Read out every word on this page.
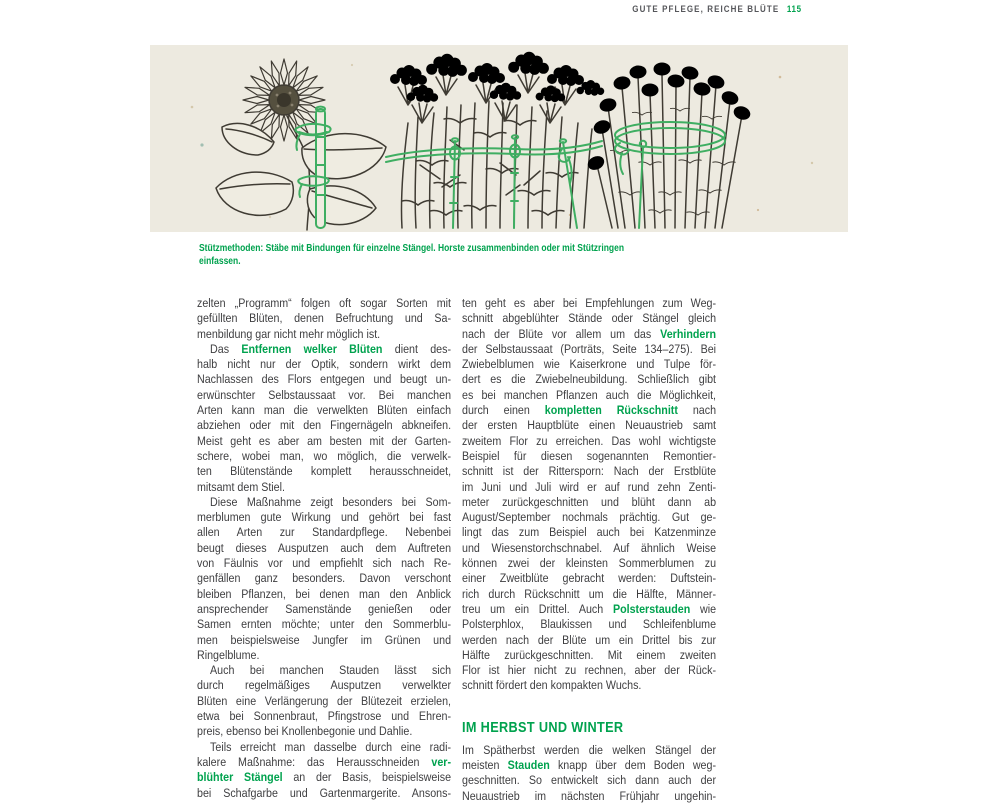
GUTE PFLEGE, REICHE BLÜTE 115
Stützmethoden: Stäbe mit Bindungen für einzelne Stängel. Horste zusammenbinden oder mit Stützringen
einfassen.
zelten „Programm“ folgen oft sogar Sorten mit
gefüllten Blüten, denen Befruchtung und Sa-
menbildung gar nicht mehr möglich ist.
Das Entfernen welker Blüten dient des-
halb nicht nur der Optik, sondern wirkt dem
Nachlassen des Flors entgegen und beugt un-
erwünschter Selbstaussaat vor. Bei manchen
Arten kann man die verwelkten Blüten einfach
abziehen oder mit den Fingernägeln abkneifen.
Meist geht es aber am besten mit der Garten-
schere, wobei man, wo möglich, die verwelk-
ten Blütenstände komplett herausschneidet,
mitsamt dem Stiel.
Diese Maßnahme zeigt besonders bei Som-
merblumen gute Wirkung und gehört bei fast
allen Arten zur Standardpflege. Nebenbei
beugt dieses Ausputzen auch dem Auftreten
von Fäulnis vor und empfiehlt sich nach Re-
genfällen ganz besonders. Davon verschont
bleiben Pflanzen, bei denen man den Anblick
ansprechender Samenstände genießen oder
Samen ernten möchte; unter den Sommerblu-
men beispielsweise Jungfer im Grünen und
Ringelblume.
Auch bei manchen Stauden lässt sich
durch regelmäßiges Ausputzen verwelkter
Blüten eine Verlängerung der Blütezeit erzielen,
etwa bei Sonnenbraut, Pfingstrose und Ehren-
preis, ebenso bei Knollenbegonie und Dahlie.
Teils erreicht man dasselbe durch eine radi-
kalere Maßnahme: das Herausschneiden ver-
blühter Stängel an der Basis, beispielsweise
bei Schafgarbe und Gartenmargerite. Ansons-
ten geht es aber bei Empfehlungen zum Weg-
schnitt abgeblühter Stände oder Stängel gleich
nach der Blüte vor allem um das Verhindern
der Selbstaussaat (Porträts, Seite 134–275). Bei
Zwiebelblumen wie Kaiserkrone und Tulpe för-
dert es die Zwiebelneubildung. Schließlich gibt
es bei manchen Pflanzen auch die Möglichkeit,
durch einen kompletten Rückschnitt nach
der ersten Hauptblüte einen Neuaustrieb samt
zweitem Flor zu erreichen. Das wohl wichtigste
Beispiel für diesen sogenannten Remontier-
schnitt ist der Rittersporn: Nach der Erstblüte
im Juni und Juli wird er auf rund zehn Zenti-
meter zurückgeschnitten und blüht dann ab
August/September nochmals prächtig. Gut ge-
lingt das zum Beispiel auch bei Katzenminze
und Wiesenstorchschnabel. Auf ähnlich Weise
können zwei der kleinsten Sommerblumen zu
einer Zweitblüte gebracht werden: Duftstein-
rich durch Rückschnitt um die Hälfte, Männer-
treu um ein Drittel. Auch Polsterstauden wie
Polsterphlox, Blaukissen und Schleifenblume
werden nach der Blüte um ein Drittel bis zur
Hälfte zurückgeschnitten. Mit einem zweiten
Flor ist hier nicht zu rechnen, aber der Rück-
schnitt fördert den kompakten Wuchs.
IM HERBST UND WINTER
Im Spätherbst werden die welken Stängel der
meisten Stauden knapp über dem Boden weg-
geschnitten. So entwickelt sich dann auch der
Neuaustrieb im nächsten Frühjahr ungehin-
